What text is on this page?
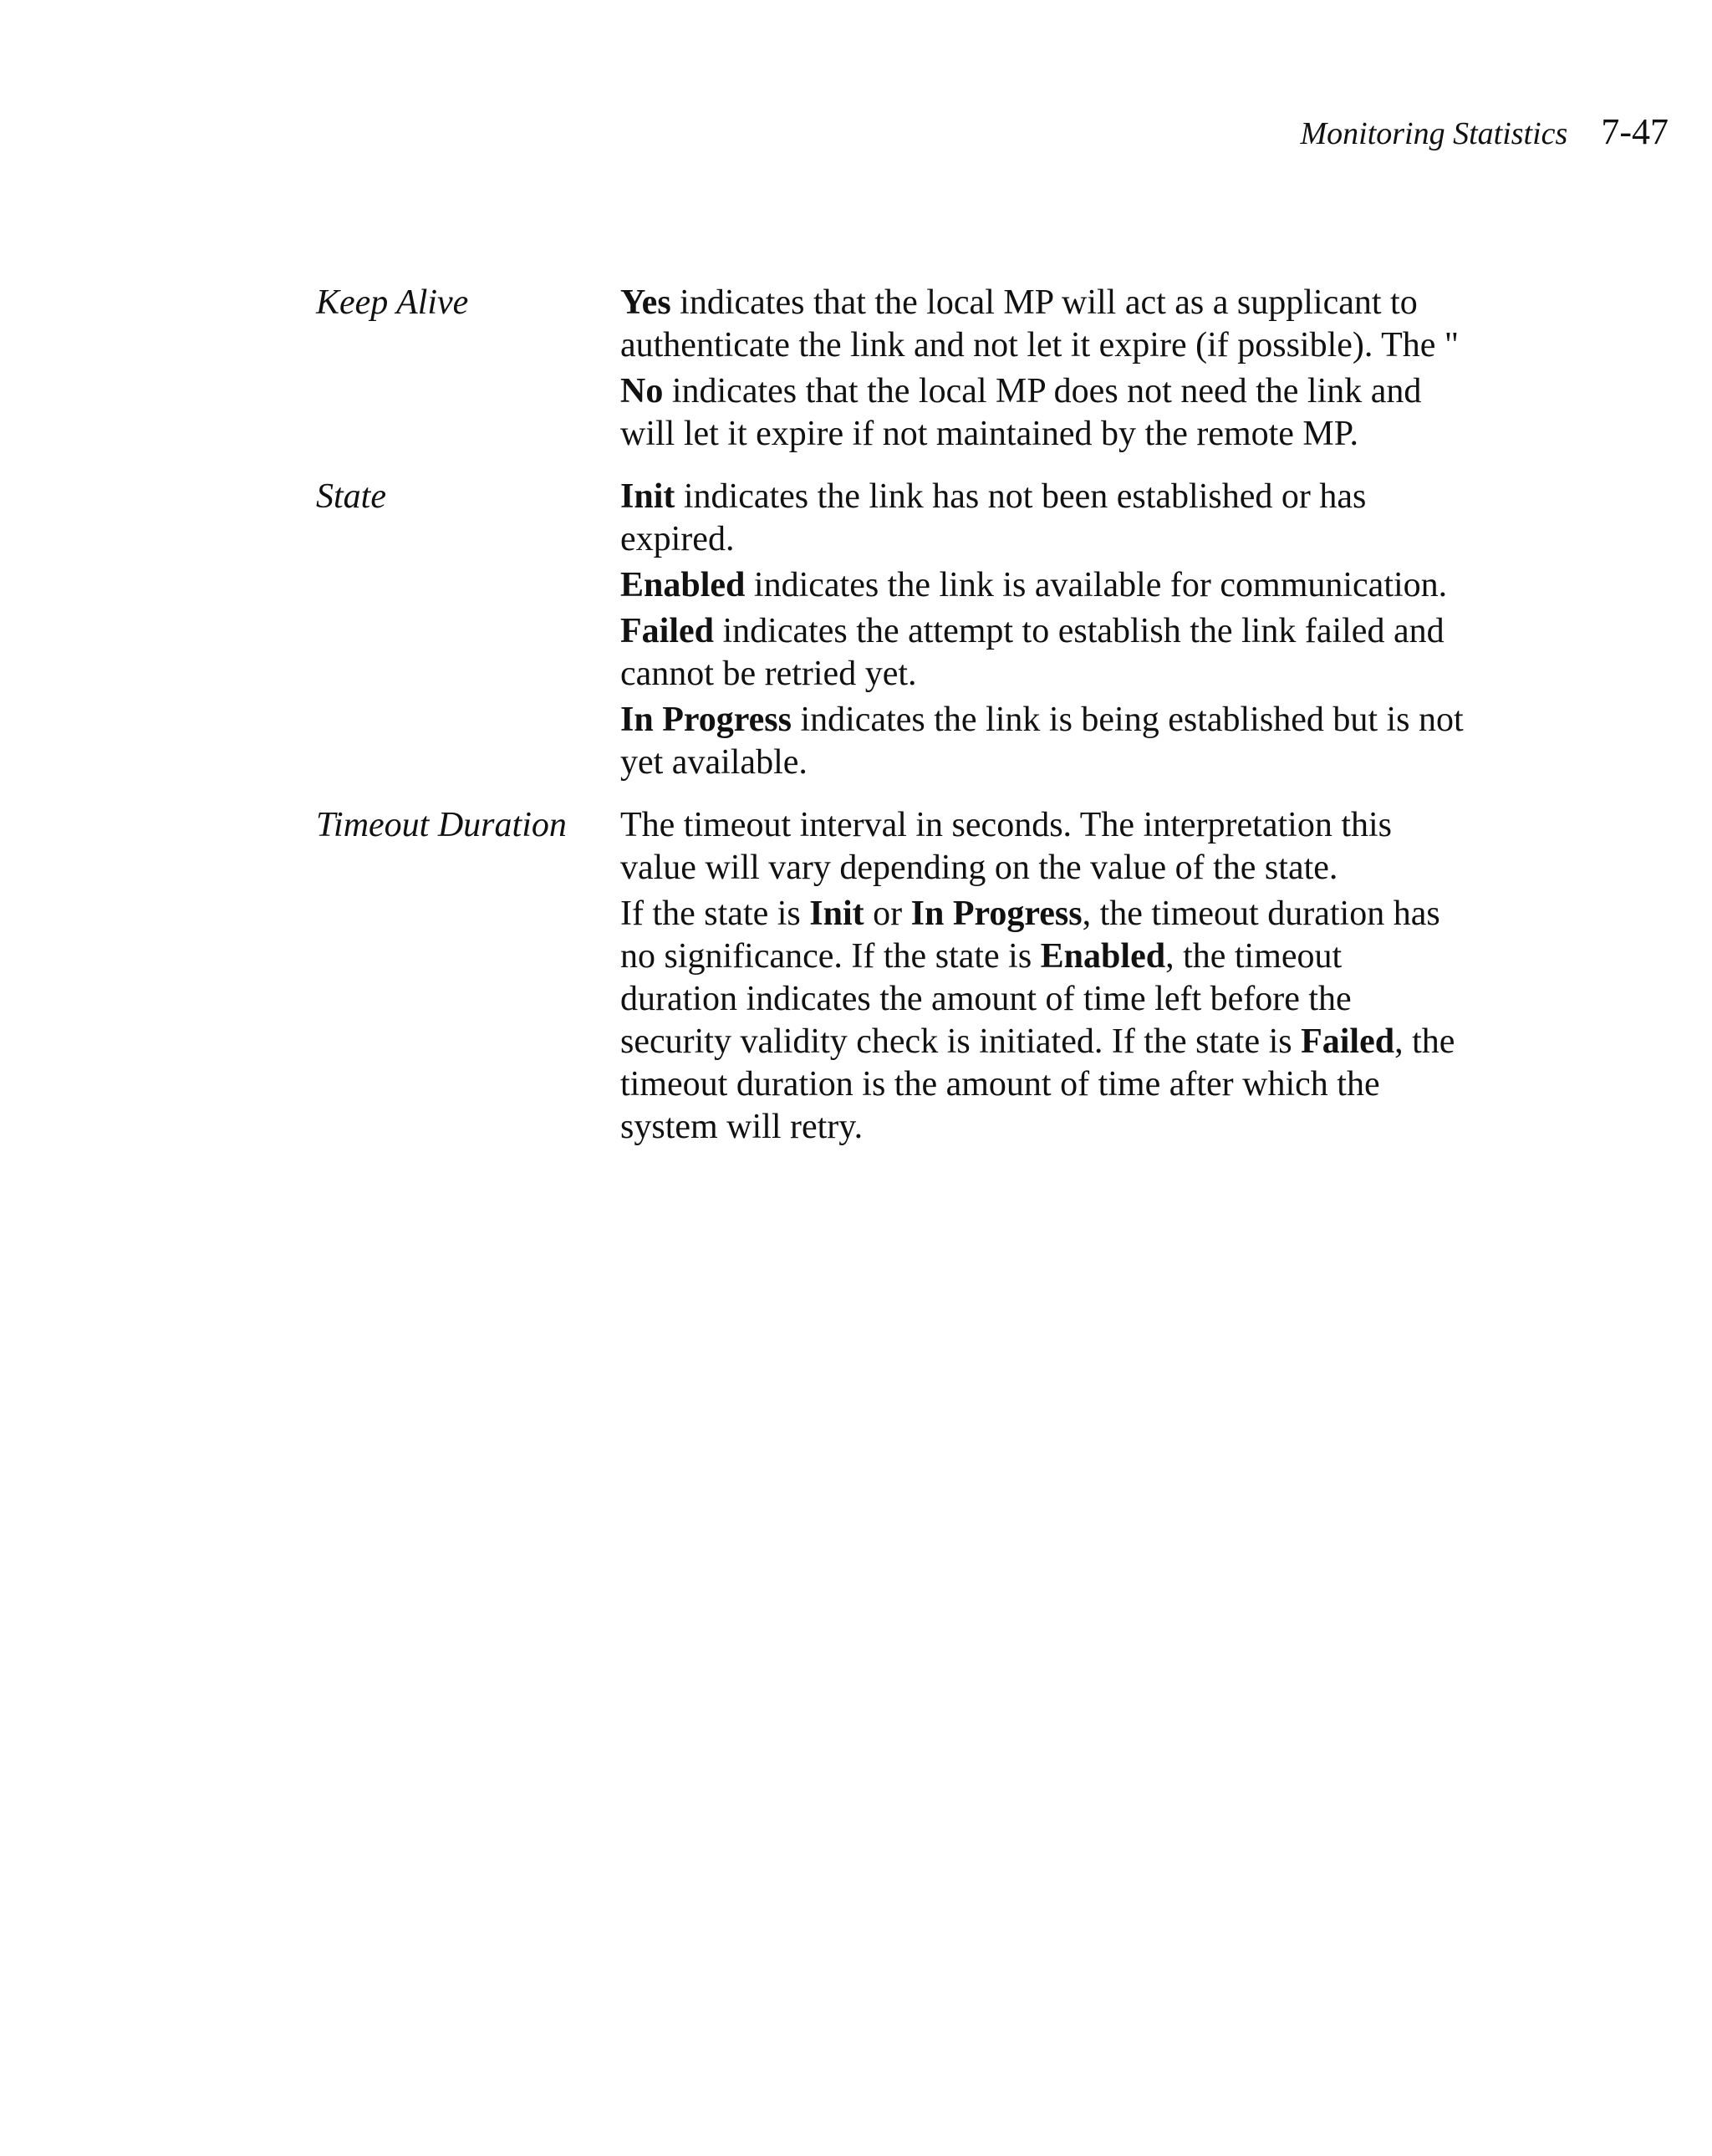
Monitoring Statistics 7-47
Keep Alive	Yes indicates that the local MP will act as a supplicant to authenticate the link and not let it expire (if possible). The "

No indicates that the local MP does not need the link and will let it expire if not maintained by the remote MP.

State	Init indicates the link has not been established or has expired.

Enabled indicates the link is available for communication.

Failed indicates the attempt to establish the link failed and cannot be retried yet.

In Progress indicates the link is being established but is not yet available.

Timeout Duration	The timeout interval in seconds. The interpretation this value will vary depending on the value of the state.

If the state is Init or In Progress, the timeout duration has no significance. If the state is Enabled, the timeout duration indicates the amount of time left before the security validity check is initiated. If the state is Failed, the timeout duration is the amount of time after which the system will retry.
